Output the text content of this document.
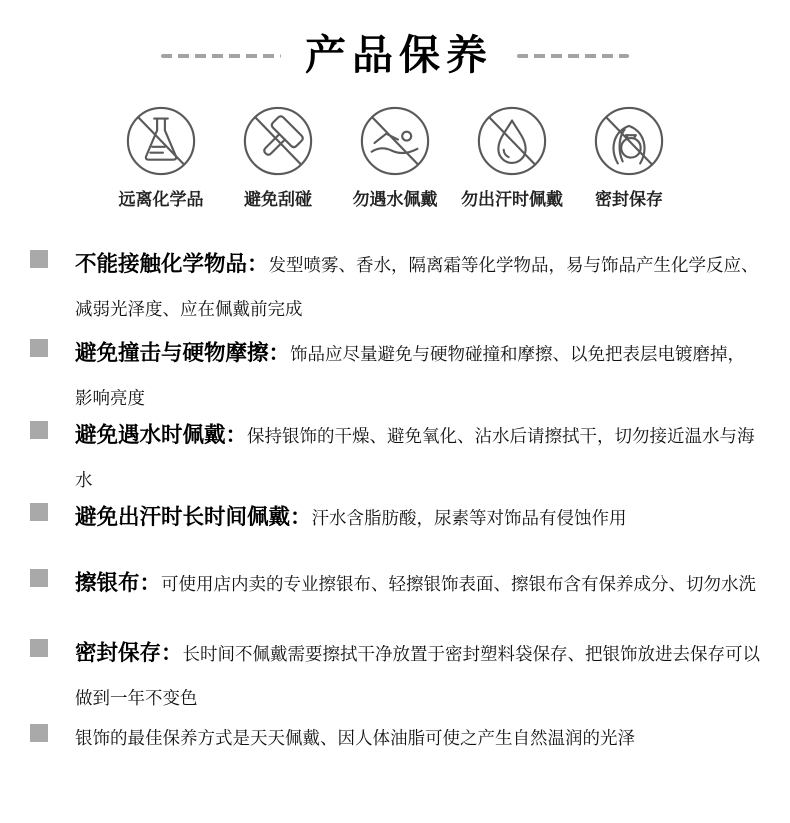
产品保养
远离化学品 避免刮碰 勿遇水佩戴 勿出汗时佩戴 密封保存
不能接触化学物品：发型喷雾、香水，隔离霜等化学物品，易与饰品产生化学反应、减弱光泽度、应在佩戴前完成
避免撞击与硬物摩擦：饰品应尽量避免与硬物碰撞和摩擦、以免把表层电镀磨掉，影响亮度
避免遇水时佩戴：保持银饰的干燥、避免氧化、沾水后请擦拭干，切勿接近温水与海水
避免出汗时长时间佩戴：汗水含脂肪酸，尿素等对饰品有侵蚀作用
擦银布：可使用店内卖的专业擦银布、轻擦银饰表面、擦银布含有保养成分、切勿水洗
密封保存：长时间不佩戴需要擦拭干净放置于密封塑料袋保存、把银饰放进去保存可以做到一年不变色
银饰的最佳保养方式是天天佩戴、因人体油脂可使之产生自然温润的光泽
